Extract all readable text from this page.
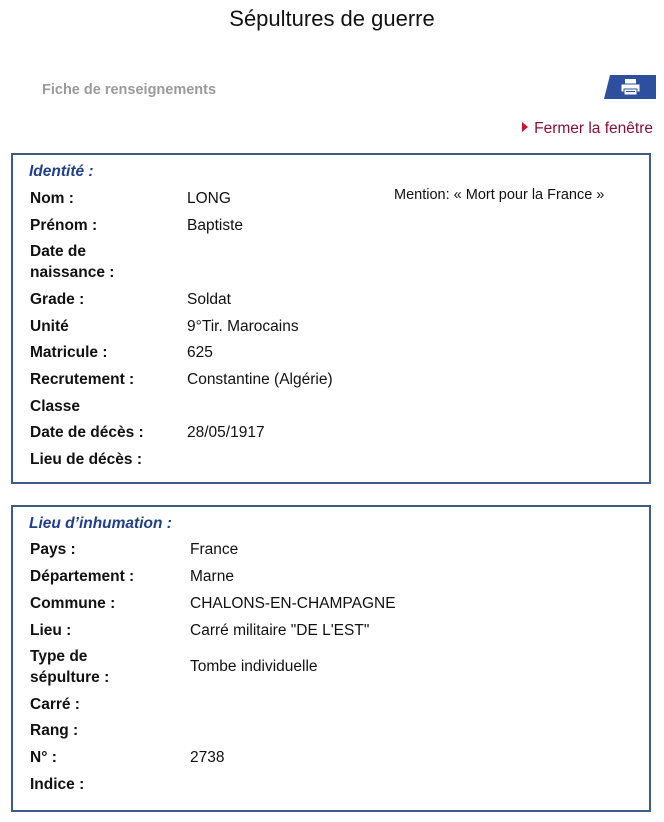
Sépultures de guerre
Fiche de renseignements
Fermer la fenêtre
Identité :
Mention: « Mort pour la France »
Nom :	LONG
Prénom :	Baptiste
Date de
naissance :
Grade :	Soldat
Unité	9°Tir. Marocains
Matricule :	625
Recrutement :	Constantine (Algérie)
Classe
Date de décès :	28/05/1917
Lieu de décès :
Lieu d’inhumation :
Pays :	France
Département :	Marne
Commune :	CHALONS-EN-CHAMPAGNE
Lieu :	Carré militaire "DE L'EST"
Type de
sépulture :
Tombe individuelle
Carré :
Rang :
N° :	2738
Indice :
